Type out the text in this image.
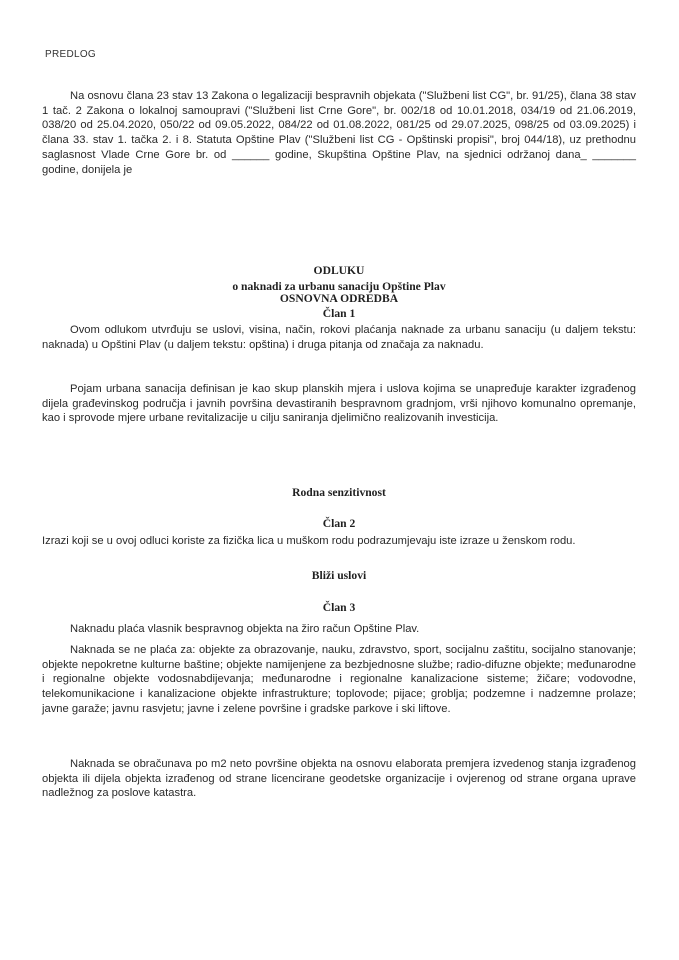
PREDLOG

Na osnovu člana 23 stav 13 Zakona o legalizaciji bespravnih objekata ("Službeni list CG", br. 91/25), člana 38 stav 1 tač. 2 Zakona o lokalnoj samoupravi ("Službeni list Crne Gore", br. 002/18 od 10.01.2018, 034/19 od 21.06.2019, 038/20 od 25.04.2020, 050/22 od 09.05.2022, 084/22 od 01.08.2022, 081/25 od 29.07.2025, 098/25 od 03.09.2025) i člana 33. stav 1. tačka 2. i 8. Statuta Opštine Plav ("Službeni list CG - Opštinski propisi", broj 044/18), uz prethodnu saglasnost Vlade Crne Gore br. od ______ godine, Skupština Opštine Plav, na sjednici održanoj dana_ _______ godine, donijela je

ODLUKU
o naknadi za urbanu sanaciju Opštine Plav
OSNOVNA ODREDBA
Član 1

Ovom odlukom utvrđuju se uslovi, visina, način, rokovi plaćanja naknade za urbanu sanaciju (u daljem tekstu: naknada) u Opštini Plav (u daljem tekstu: opština) i druga pitanja od značaja za naknadu.

Pojam urbana sanacija definisan je kao skup planskih mjera i uslova kojima se unapređuje karakter izgrađenog dijela građevinskog područja i javnih površina devastiranih bespravnom gradnjom, vrši njihovo komunalno opremanje, kao i sprovode mjere urbane revitalizacije u cilju saniranja djelimično realizovanih investicija.

Rodna senzitivnost
Član 2

Izrazi koji se u ovoj odluci koriste za fizička lica u muškom rodu podrazumjevaju iste izraze u ženskom rodu.

Bliži uslovi
Član 3

Naknadu plaća vlasnik bespravnog objekta na žiro račun Opštine Plav.

Naknada se ne plaća za: objekte za obrazovanje, nauku, zdravstvo, sport, socijalnu zaštitu, socijalno stanovanje; objekte nepokretne kulturne baštine; objekte namijenjene za bezbjednosne službe; radio-difuzne objekte; međunarodne i regionalne objekte vodosnabdijevanja; međunarodne i regionalne kanalizacione sisteme; žičare; vodovodne, telekomunikacione i kanalizacione objekte infrastrukture; toplovode; pijace; groblja; podzemne i nadzemne prolaze; javne garaže; javnu rasvjetu; javne i zelene površine i gradske parkove i ski liftove.

Naknada se obračunava po m2 neto površine objekta na osnovu elaborata premjera izvedenog stanja izgrađenog objekta ili dijela objekta izrađenog od strane licencirane geodetske organizacije i ovjerenog od strane organa uprave nadležnog za poslove katastra.
